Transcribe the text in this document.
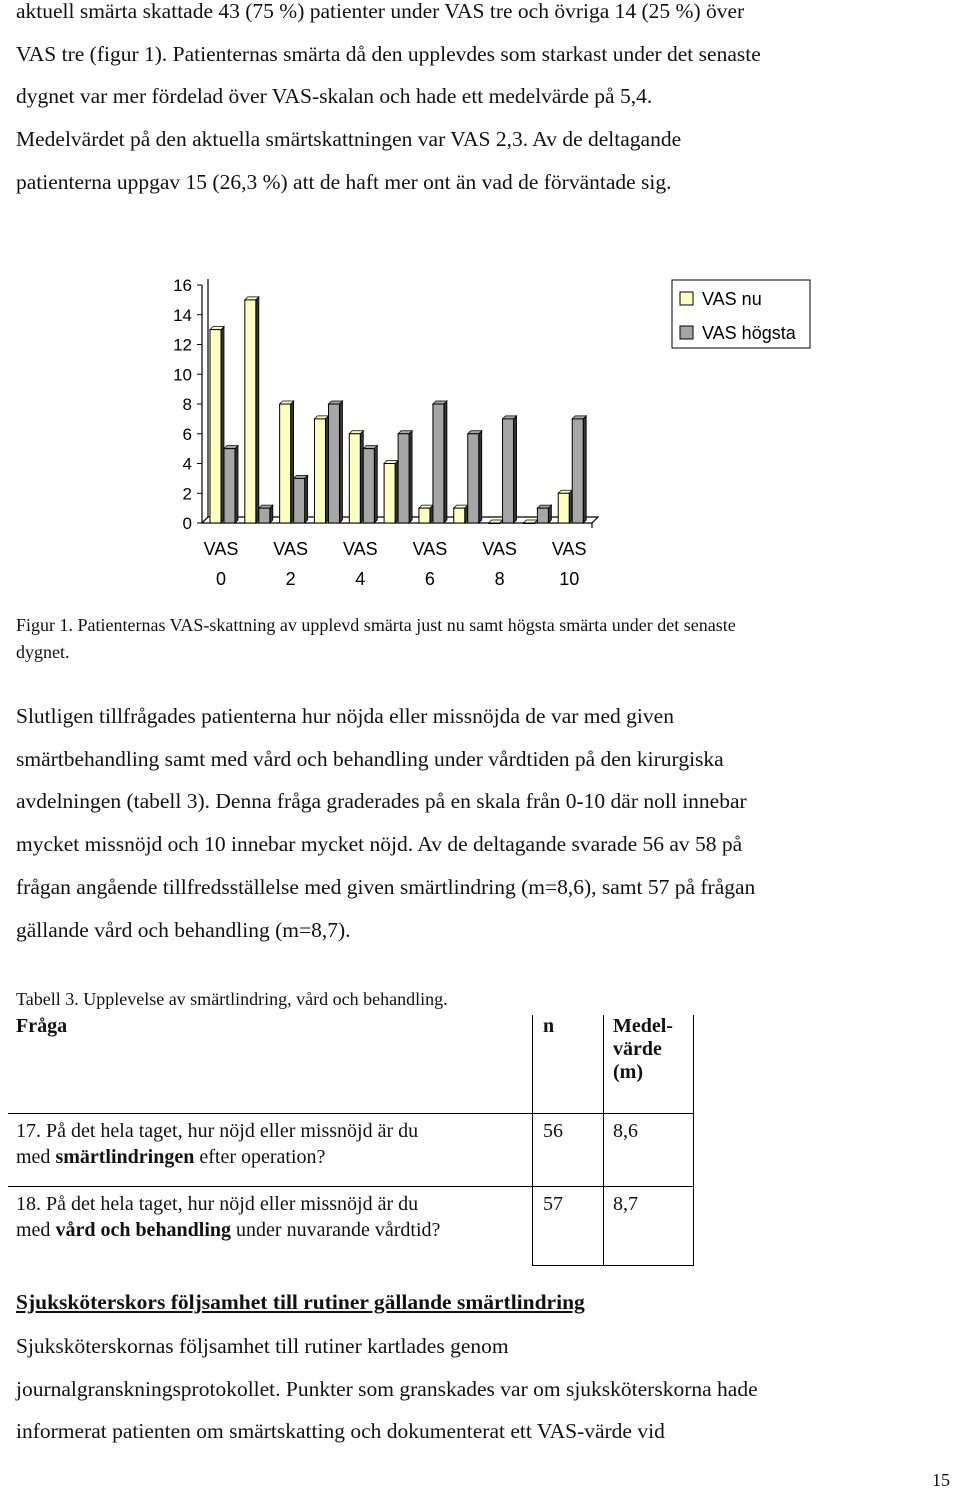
aktuell smärta skattade 43 (75 %) patienter under VAS tre och övriga 14 (25 %) över
VAS tre (figur 1). Patienternas smärta då den upplevdes som starkast under det senaste
dygnet var mer fördelad över VAS-skalan och hade ett medelvärde på 5,4.
Medelvärdet på den aktuella smärtskattningen var VAS 2,3. Av de deltagande
patienterna uppgav 15 (26,3 %) att de haft mer ont än vad de förväntade sig.
VAS
0
VAS
2
VAS
4
VAS
6
VAS
8
VAS
10
16
14
12
10
8
6
4
2
0
VAS nu
VAS högsta
Figur 1. Patienternas VAS-skattning av upplevd smärta just nu samt högsta smärta under det senaste
dygnet.
Slutligen tillfrågades patienterna hur nöjda eller missnöjda de var med given
smärtbehandling samt med vård och behandling under vårdtiden på den kirurgiska
avdelningen (tabell 3). Denna fråga graderades på en skala från 0-10 där noll innebar
mycket missnöjd och 10 innebar mycket nöjd. Av de deltagande svarade 56 av 58 på
frågan angående tillfredsställelse med given smärtlindring (m=8,6), samt 57 på frågan
gällande vård och behandling (m=8,7).
Tabell 3. Upplevelse av smärtlindring, vård och behandling.
Fråga	n	Medel-
värde
(m)

17. På det hela taget, hur nöjd eller missnöjd är du
med smärtlindringen efter operation?	56	8,6

18. På det hela taget, hur nöjd eller missnöjd är du
med vård och behandling under nuvarande vårdtid?	57	8,7
Sjuksköterskors följsamhet till rutiner gällande smärtlindring
Sjuksköterskornas följsamhet till rutiner kartlades genom
journalgranskningsprotokollet. Punkter som granskades var om sjuksköterskorna hade
informerat patienten om smärtskatting och dokumenterat ett VAS-värde vid
15
